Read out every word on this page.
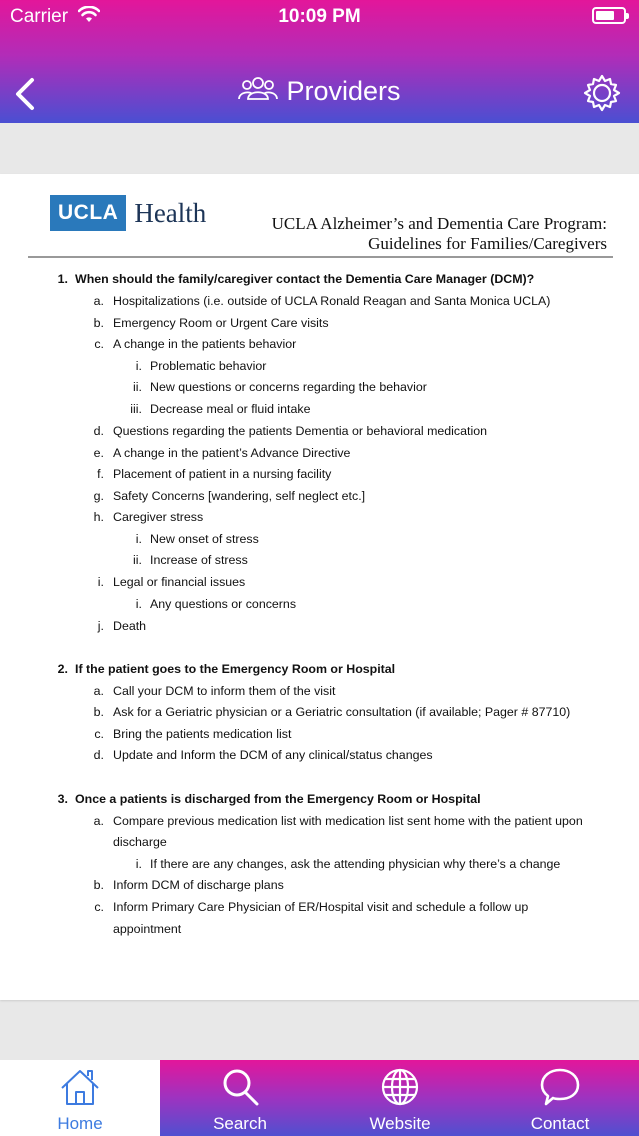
Carrier	10:09 PM
Providers
UCLA Health	UCLA Alzheimer’s and Dementia Care Program:
Guidelines for Families/Caregivers
1. When should the family/caregiver contact the Dementia Care Manager (DCM)?
a. Hospitalizations (i.e. outside of UCLA Ronald Reagan and Santa Monica UCLA)
b. Emergency Room or Urgent Care visits
c. A change in the patients behavior
i. Problematic behavior
ii. New questions or concerns regarding the behavior
iii. Decrease meal or fluid intake
d. Questions regarding the patients Dementia or behavioral medication
e. A change in the patient’s Advance Directive
f. Placement of patient in a nursing facility
g. Safety Concerns [wandering, self neglect etc.]
h. Caregiver stress
i. New onset of stress
ii. Increase of stress
i. Legal or financial issues
i. Any questions or concerns
j. Death
2. If the patient goes to the Emergency Room or Hospital
a. Call your DCM to inform them of the visit
b. Ask for a Geriatric physician or a Geriatric consultation (if available; Pager # 87710)
c. Bring the patients medication list
d. Update and Inform the DCM of any clinical/status changes
3. Once a patients is discharged from the Emergency Room or Hospital
a. Compare previous medication list with medication list sent home with the patient upon
discharge
i. If there are any changes, ask the attending physician why there’s a change
b. Inform DCM of discharge plans
c. Inform Primary Care Physician of ER/Hospital visit and schedule a follow up
appointment
Home	Search	Website	Contact
